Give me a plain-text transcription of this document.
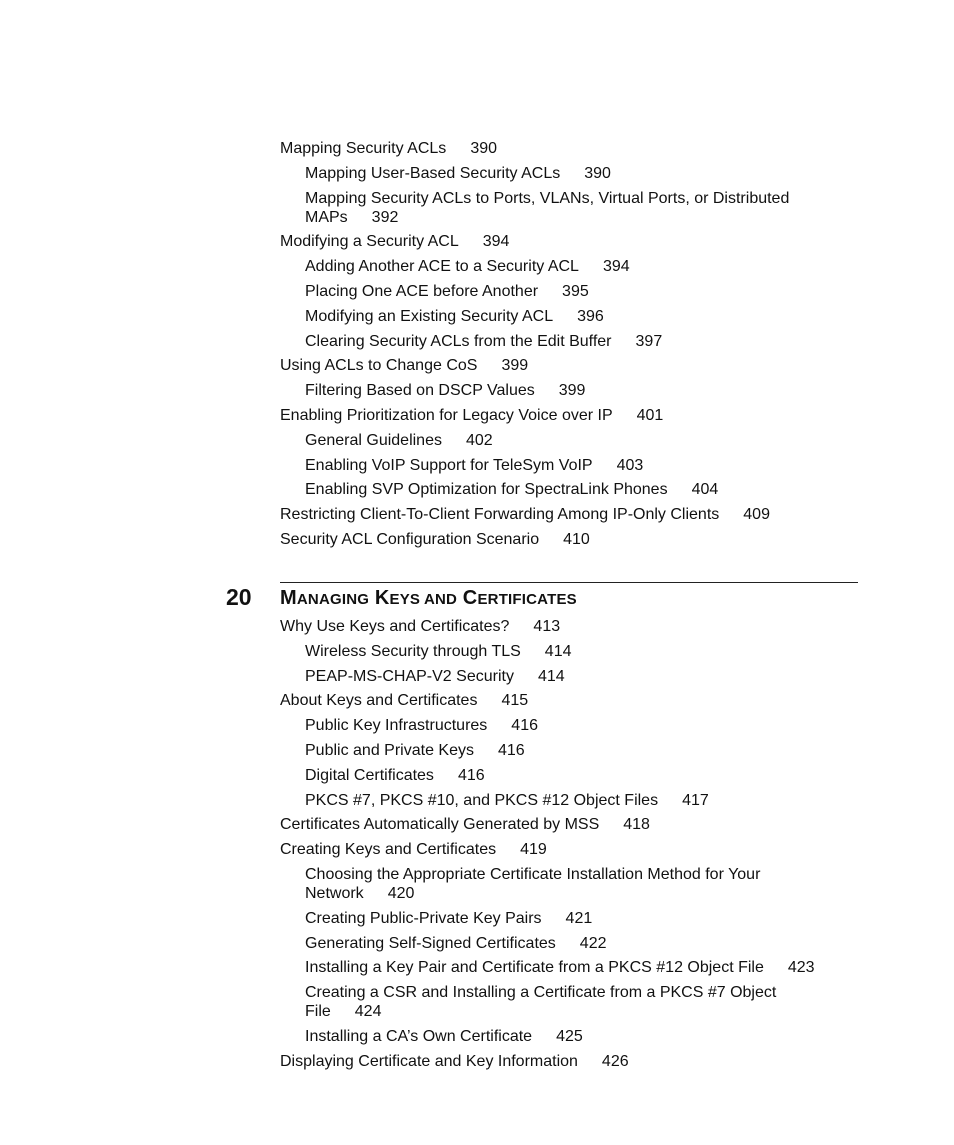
Mapping Security ACLs 390
Mapping User-Based Security ACLs 390
Mapping Security ACLs to Ports, VLANs, Virtual Ports, or Distributed MAPs 392
Modifying a Security ACL 394
Adding Another ACE to a Security ACL 394
Placing One ACE before Another 395
Modifying an Existing Security ACL 396
Clearing Security ACLs from the Edit Buffer 397
Using ACLs to Change CoS 399
Filtering Based on DSCP Values 399
Enabling Prioritization for Legacy Voice over IP 401
General Guidelines 402
Enabling VoIP Support for TeleSym VoIP 403
Enabling SVP Optimization for SpectraLink Phones 404
Restricting Client-To-Client Forwarding Among IP-Only Clients 409
Security ACL Configuration Scenario 410
20 MANAGING KEYS AND CERTIFICATES
Why Use Keys and Certificates? 413
Wireless Security through TLS 414
PEAP-MS-CHAP-V2 Security 414
About Keys and Certificates 415
Public Key Infrastructures 416
Public and Private Keys 416
Digital Certificates 416
PKCS #7, PKCS #10, and PKCS #12 Object Files 417
Certificates Automatically Generated by MSS 418
Creating Keys and Certificates 419
Choosing the Appropriate Certificate Installation Method for Your Network 420
Creating Public-Private Key Pairs 421
Generating Self-Signed Certificates 422
Installing a Key Pair and Certificate from a PKCS #12 Object File 423
Creating a CSR and Installing a Certificate from a PKCS #7 Object File 424
Installing a CA’s Own Certificate 425
Displaying Certificate and Key Information 426
